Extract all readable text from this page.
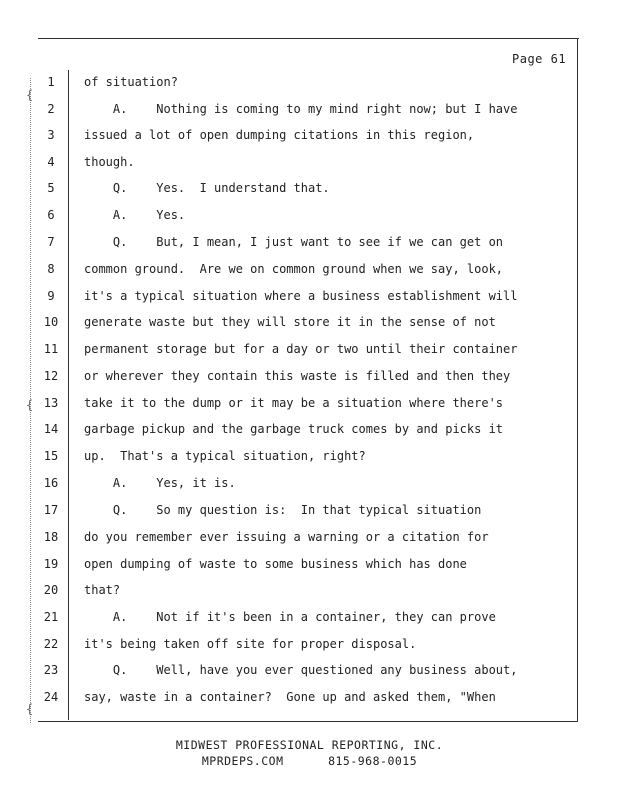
{
{
{
Page 61
1	of situation?
2	A.    Nothing is coming to my mind right now; but I have
3	issued a lot of open dumping citations in this region,
4	though.
5	Q.    Yes.  I understand that.
6	A.    Yes.
7	Q.    But, I mean, I just want to see if we can get on
8	common ground.  Are we on common ground when we say, look,
9	it's a typical situation where a business establishment will
10	generate waste but they will store it in the sense of not
11	permanent storage but for a day or two until their container
12	or wherever they contain this waste is filled and then they
13	take it to the dump or it may be a situation where there's
14	garbage pickup and the garbage truck comes by and picks it
15	up.  That's a typical situation, right?
16	A.    Yes, it is.
17	Q.    So my question is:  In that typical situation
18	do you remember ever issuing a warning or a citation for
19	open dumping of waste to some business which has done
20	that?
21	A.    Not if it's been in a container, they can prove
22	it's being taken off site for proper disposal.
23	Q.    Well, have you ever questioned any business about,
24	say, waste in a container?  Gone up and asked them, "When
MIDWEST PROFESSIONAL REPORTING, INC.
MPRDEPS.COM	815-968-0015
